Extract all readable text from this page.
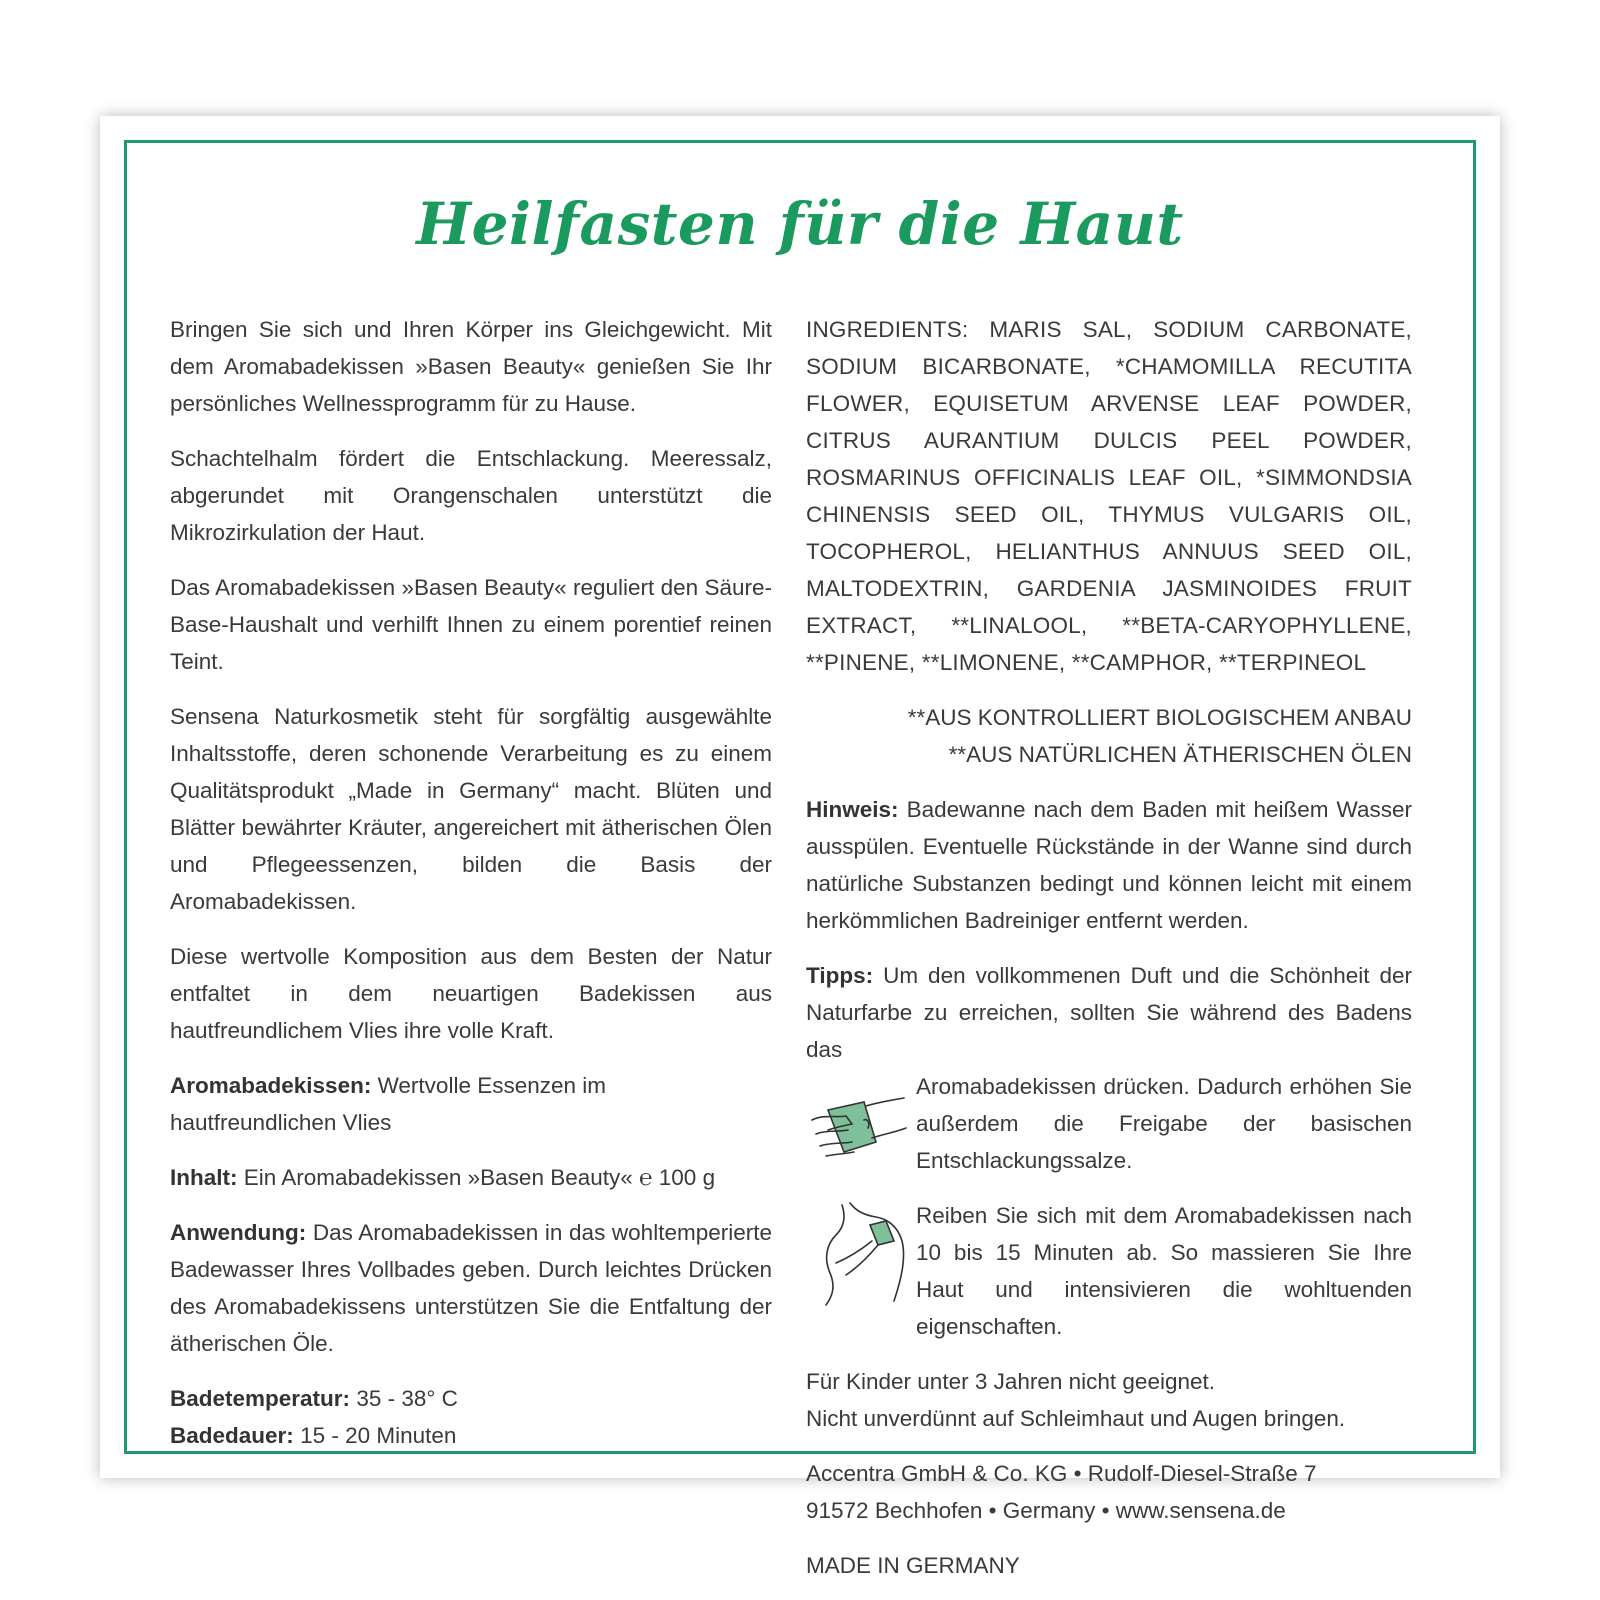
Heilfasten für die Haut

Bringen Sie sich und Ihren Körper ins Gleichgewicht. Mit dem Aromabadekissen »Basen Beauty« genießen Sie Ihr persönliches Wellnessprogramm für zu Hause.

Schachtelhalm fördert die Entschlackung. Meeressalz, abgerundet mit Orangenschalen unterstützt die Mikrozirkulation der Haut.

Das Aromabadekissen »Basen Beauty« reguliert den Säure-Base-Haushalt und verhilft Ihnen zu einem porentief reinen Teint.

Sensena Naturkosmetik steht für sorgfältig ausgewählte Inhaltsstoffe, deren schonende Verarbeitung es zu einem Qualitätsprodukt „Made in Germany“ macht. Blüten und Blätter bewährter Kräuter, angereichert mit ätherischen Ölen und Pflegeessenzen, bilden die Basis der Aromabadekissen.

Diese wertvolle Komposition aus dem Besten der Natur entfaltet in dem neuartigen Badekissen aus hautfreundlichem Vlies ihre volle Kraft.

Aromabadekissen: Wertvolle Essenzen im hautfreundlichen Vlies

Inhalt: Ein Aromabadekissen »Basen Beauty« ℮ 100 g

Anwendung: Das Aromabadekissen in das wohltemperierte Badewasser Ihres Vollbades geben. Durch leichtes Drücken des Aromabadekissens unterstützen Sie die Entfaltung der ätherischen Öle.

Badetemperatur: 35 - 38° C
Badedauer: 15 - 20 Minuten

INGREDIENTS: MARIS SAL, SODIUM CARBONATE, SODIUM BICARBONATE, *CHAMOMILLA RECUTITA FLOWER, EQUISETUM ARVENSE LEAF POWDER, CITRUS AURANTIUM DULCIS PEEL POWDER, ROSMARINUS OFFICINALIS LEAF OIL, *SIMMONDSIA CHINENSIS SEED OIL, THYMUS VULGARIS OIL, TOCOPHEROL, HELIANTHUS ANNUUS SEED OIL, MALTODEXTRIN, GARDENIA JASMINOIDES FRUIT EXTRACT, **LINALOOL, **BETA-CARYOPHYLLENE, **PINENE, **LIMONENE, **CAMPHOR, **TERPINEOL

**AUS KONTROLLIERT BIOLOGISCHEM ANBAU
**AUS NATÜRLICHEN ÄTHERISCHEN ÖLEN

Hinweis: Badewanne nach dem Baden mit heißem Wasser ausspülen. Eventuelle Rückstände in der Wanne sind durch natürliche Substanzen bedingt und können leicht mit einem herkömmlichen Badreiniger entfernt werden.

Tipps: Um den vollkommenen Duft und die Schönheit der Naturfarbe zu erreichen, sollten Sie während des Badens das

Aromabadekissen drücken. Dadurch erhöhen Sie außerdem die Freigabe der basischen Entschlackungssalze.

Reiben Sie sich mit dem Aromabadekissen nach 10 bis 15 Minuten ab. So massieren Sie Ihre Haut und intensivieren die wohltuenden eigenschaften.

Für Kinder unter 3 Jahren nicht geeignet.
Nicht unverdünnt auf Schleimhaut und Augen bringen.
Accentra GmbH & Co. KG • Rudolf-Diesel-Straße 7
91572 Bechhofen • Germany • www.sensena.de
MADE IN GERMANY
